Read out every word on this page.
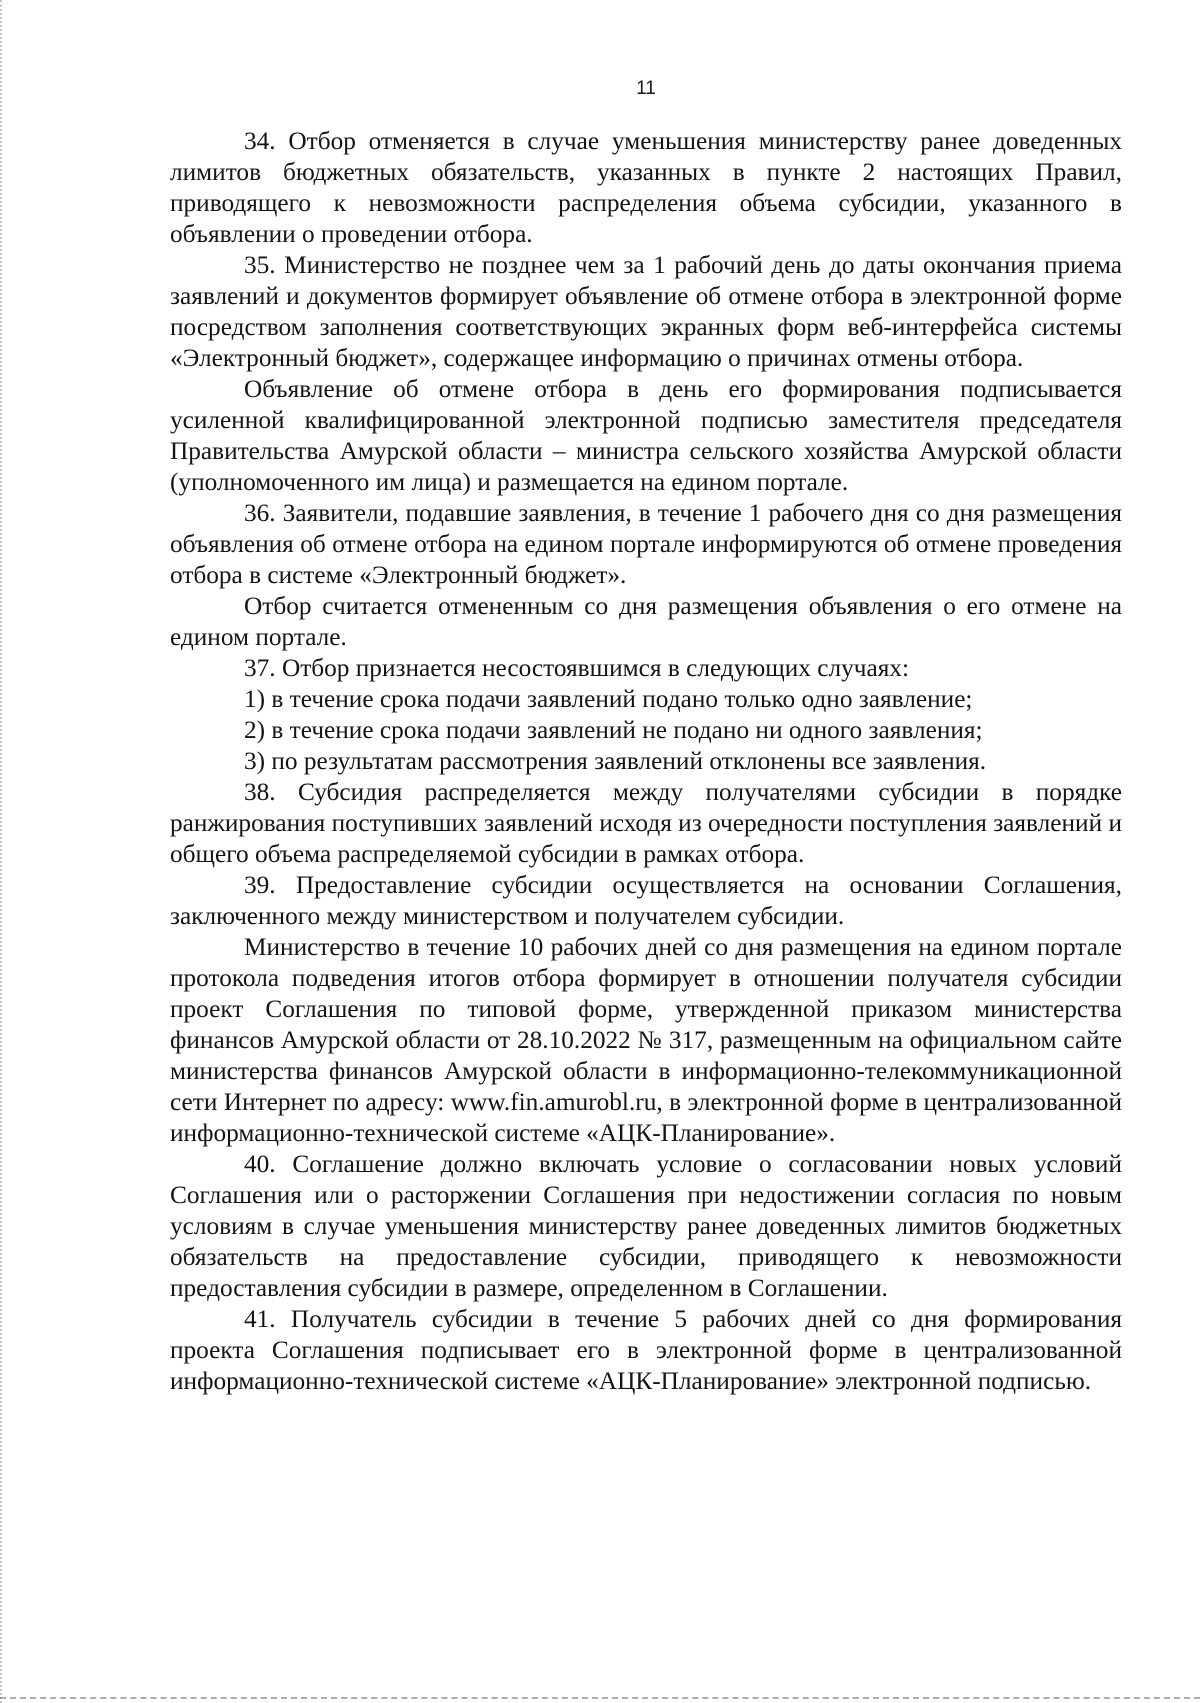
11

34. Отбор отменяется в случае уменьшения министерству ранее доведенных лимитов бюджетных обязательств, указанных в пункте 2 настоящих Правил, приводящего к невозможности распределения объема субсидии, указанного в объявлении о проведении отбора.

35. Министерство не позднее чем за 1 рабочий день до даты окончания приема заявлений и документов формирует объявление об отмене отбора в электронной форме посредством заполнения соответствующих экранных форм веб-интерфейса системы «Электронный бюджет», содержащее информацию о причинах отмены отбора.

Объявление об отмене отбора в день его формирования подписывается усиленной квалифицированной электронной подписью заместителя председателя Правительства Амурской области – министра сельского хозяйства Амурской области (уполномоченного им лица) и размещается на едином портале.

36. Заявители, подавшие заявления, в течение 1 рабочего дня со дня размещения объявления об отмене отбора на едином портале информируются об отмене проведения отбора в системе «Электронный бюджет».

Отбор считается отмененным со дня размещения объявления о его отмене на едином портале.

37. Отбор признается несостоявшимся в следующих случаях:

1) в течение срока подачи заявлений подано только одно заявление;

2) в течение срока подачи заявлений не подано ни одного заявления;

3) по результатам рассмотрения заявлений отклонены все заявления.

38. Субсидия распределяется между получателями субсидии в порядке ранжирования поступивших заявлений исходя из очередности поступления заявлений и общего объема распределяемой субсидии в рамках отбора.

39. Предоставление субсидии осуществляется на основании Соглашения, заключенного между министерством и получателем субсидии.

Министерство в течение 10 рабочих дней со дня размещения на едином портале протокола подведения итогов отбора формирует в отношении получателя субсидии проект Соглашения по типовой форме, утвержденной приказом министерства финансов Амурской области от 28.10.2022 № 317, размещенным на официальном сайте министерства финансов Амурской области в информационно-телекоммуникационной сети Интернет по адресу: www.fin.amurobl.ru, в электронной форме в централизованной информационно-технической системе «АЦК-Планирование».

40. Соглашение должно включать условие о согласовании новых условий Соглашения или о расторжении Соглашения при недостижении согласия по новым условиям в случае уменьшения министерству ранее доведенных лимитов бюджетных обязательств на предоставление субсидии, приводящего к невозможности предоставления субсидии в размере, определенном в Соглашении.

41. Получатель субсидии в течение 5 рабочих дней со дня формирования проекта Соглашения подписывает его в электронной форме в централизованной информационно-технической системе «АЦК-Планирование» электронной подписью.
